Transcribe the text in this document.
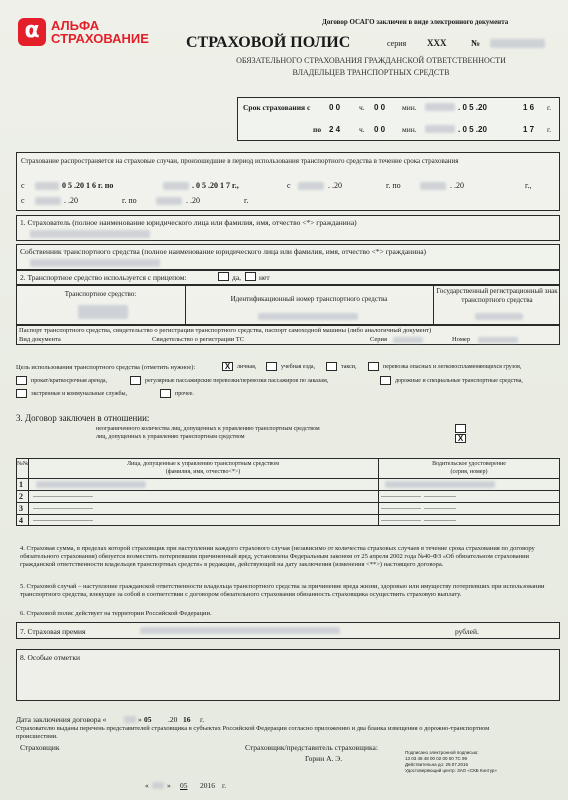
α АЛЬФА
СТРАХОВАНИЕ
Договор ОСАГО заключен в виде электронного документа
СТРАХОВОЙ ПОЛИС	серия XXX	№
ОБЯЗАТЕЛЬНОГО СТРАХОВАНИЯ ГРАЖДАНСКОЙ ОТВЕТСТВЕННОСТИ
ВЛАДЕЛЬЦЕВ ТРАНСПОРТНЫХ СРЕДСТВ
Срок страхования с 0 0	ч. 0 0 мин.	. 0 5 .20	1 6 г.
по 2 4	ч. 0 0 мин.	. 0 5 .20	1 7 г.
Страхование распространяется на страховые случаи, произошедшие в период использования транспортного средства в течение срока страхования
с	0 5 .20 1 6 г. по	. 0 5 .20 1 7 г.,	с	. .20	г. по	. .20	г.,
с	. .20	г. по	. .20	г.
1. Страхователь (полное наименование юридического лица или фамилия, имя, отчество <*> гражданина)
Собственник транспортного средства (полное наименование юридического лица или фамилия, имя, отчество <*> гражданина)
2. Транспортное средство используется с прицепом:	да, нет
Транспортное средство:
Идентификационный номер транспортного средства
Государственный регистрационный знак транспортного средства
Паспорт транспортного средства, свидетельство о регистрации транспортного средства, паспорт самоходной машины (либо аналогичный документ)
Вид документа	Свидетельство о регистрации ТС	Серия	Номер
Цель использования транспортного средства (отметить нужное):	X	личная,	учебная езда,	такси,	перевозка опасных и легковоспламеняющихся грузов,
прокат/краткосрочная аренда,	регулярные пассажирские перевозки/перевозки пассажиров по заказам,	дорожные и специальные транспортные средства,
экстренные и коммунальные службы,	прочее.
3. Договор заключен в отношении:
неограниченного количества лиц, допущенных к управлению транспортным средством
лиц, допущенных к управлению транспортным средством	X
№№	Лица, допущенные к управлению транспортным средством
(фамилия, имя, отчество<*>)
Водительское удостоверение
(серия, номер)
1
2 ------------------------------	--------------------  ----------------
3 ------------------------------	--------------------  ----------------
4 ------------------------------	--------------------  ----------------
4. Страховая сумма, в пределах которой страховщик при наступлении каждого страхового случая (независимо от количества страховых случаев в течение срока страхования по договору обязательного страхования) обязуется возместить потерпевшим причиненный вред, установлена Федеральным законом от 25 апреля 2002 года №40-ФЗ «Об обязательном страховании гражданской ответственности владельцев транспортных средств» в редакции, действующей на дату заключения (изменения <**>) настоящего договора.
5. Страховой случай – наступление гражданской ответственности владельца транспортного средства за причинение вреда жизни, здоровью или имуществу потерпевших при использовании транспортного средства, влекущее за собой в соответствии с договором обязательного страхования обязанность страховщика осуществить страховую выплату.
6. Страховой полис действует на территории Российской Федерации.
7. Страховая премия	рублей.
8. Особые отметки
Дата заключения договора «	» 05 .20 16 г.
Страхователю выданы перечень представителей страховщика в субъектах Российской Федерации согласно приложению и два бланка извещения о дорожно-транспортном происшествии.
Страховщик	Страховщик/представитель страховщика:
Горин А. Э.
« » 05 2016 г.
Подписано электронной подписью:
13 03 48 48 00 02 00 00 7С 99
Действительна до: 29.07.2016
Удостоверяющий центр: ЗАО «СКБ Контур»
